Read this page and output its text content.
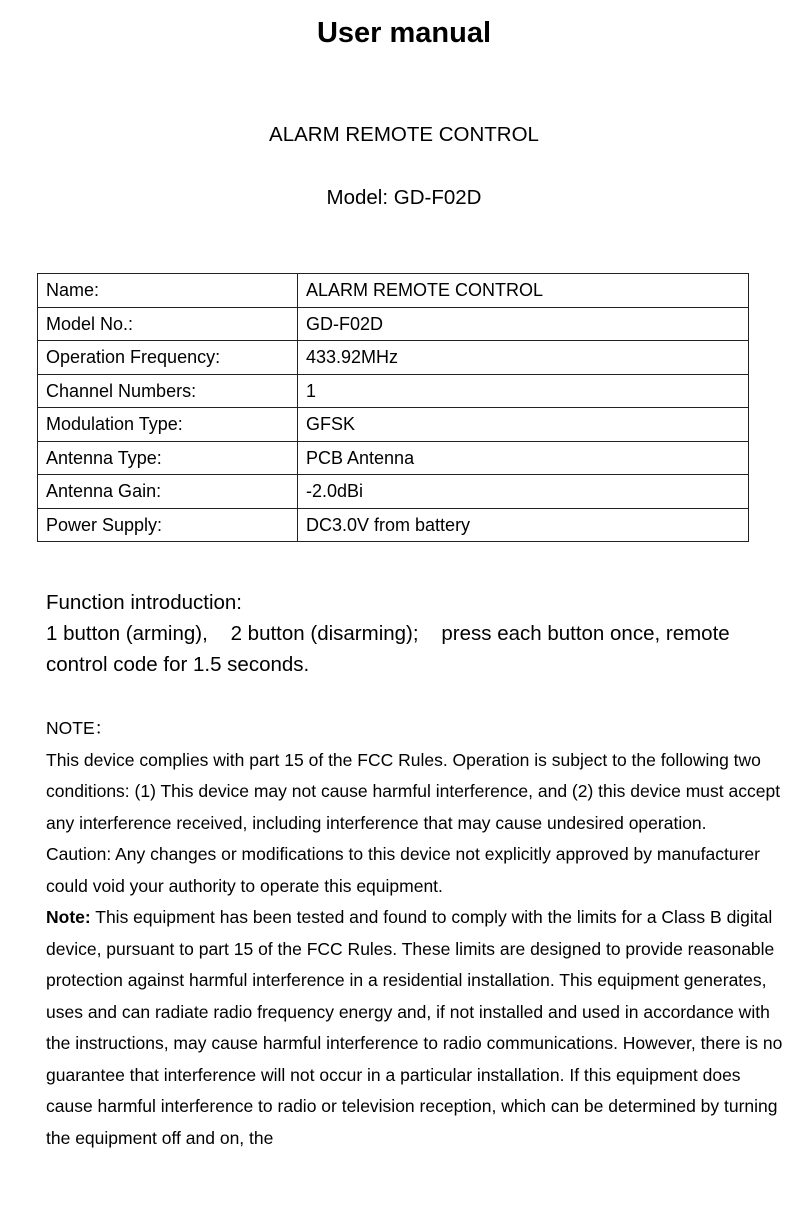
User manual
ALARM REMOTE CONTROL
Model: GD-F02D
Name:	ALARM REMOTE CONTROL
Model No.:	GD-F02D
Operation Frequency:	433.92MHz
Channel Numbers:	1
Modulation Type:	GFSK
Antenna Type:	PCB Antenna
Antenna Gain:	-2.0dBi
Power Supply:	DC3.0V from battery
Function introduction:
1 button (arming),    2 button (disarming);    press each button once, remote control code for 1.5 seconds.

NOTE：

This device complies with part 15 of the FCC Rules. Operation is subject to the following two conditions: (1) This device may not cause harmful interference, and (2) this device must accept any interference received, including interference that may cause undesired operation.

Caution: Any changes or modifications to this device not explicitly approved by manufacturer could void your authority to operate this equipment.

Note: This equipment has been tested and found to comply with the limits for a Class B digital device, pursuant to part 15 of the FCC Rules. These limits are designed to provide reasonable protection against harmful interference in a residential installation. This equipment generates, uses and can radiate radio frequency energy and, if not installed and used in accordance with the instructions, may cause harmful interference to radio communications. However, there is no guarantee that interference will not occur in a particular installation. If this equipment does cause harmful interference to radio or television reception, which can be determined by turning the equipment off and on, the
